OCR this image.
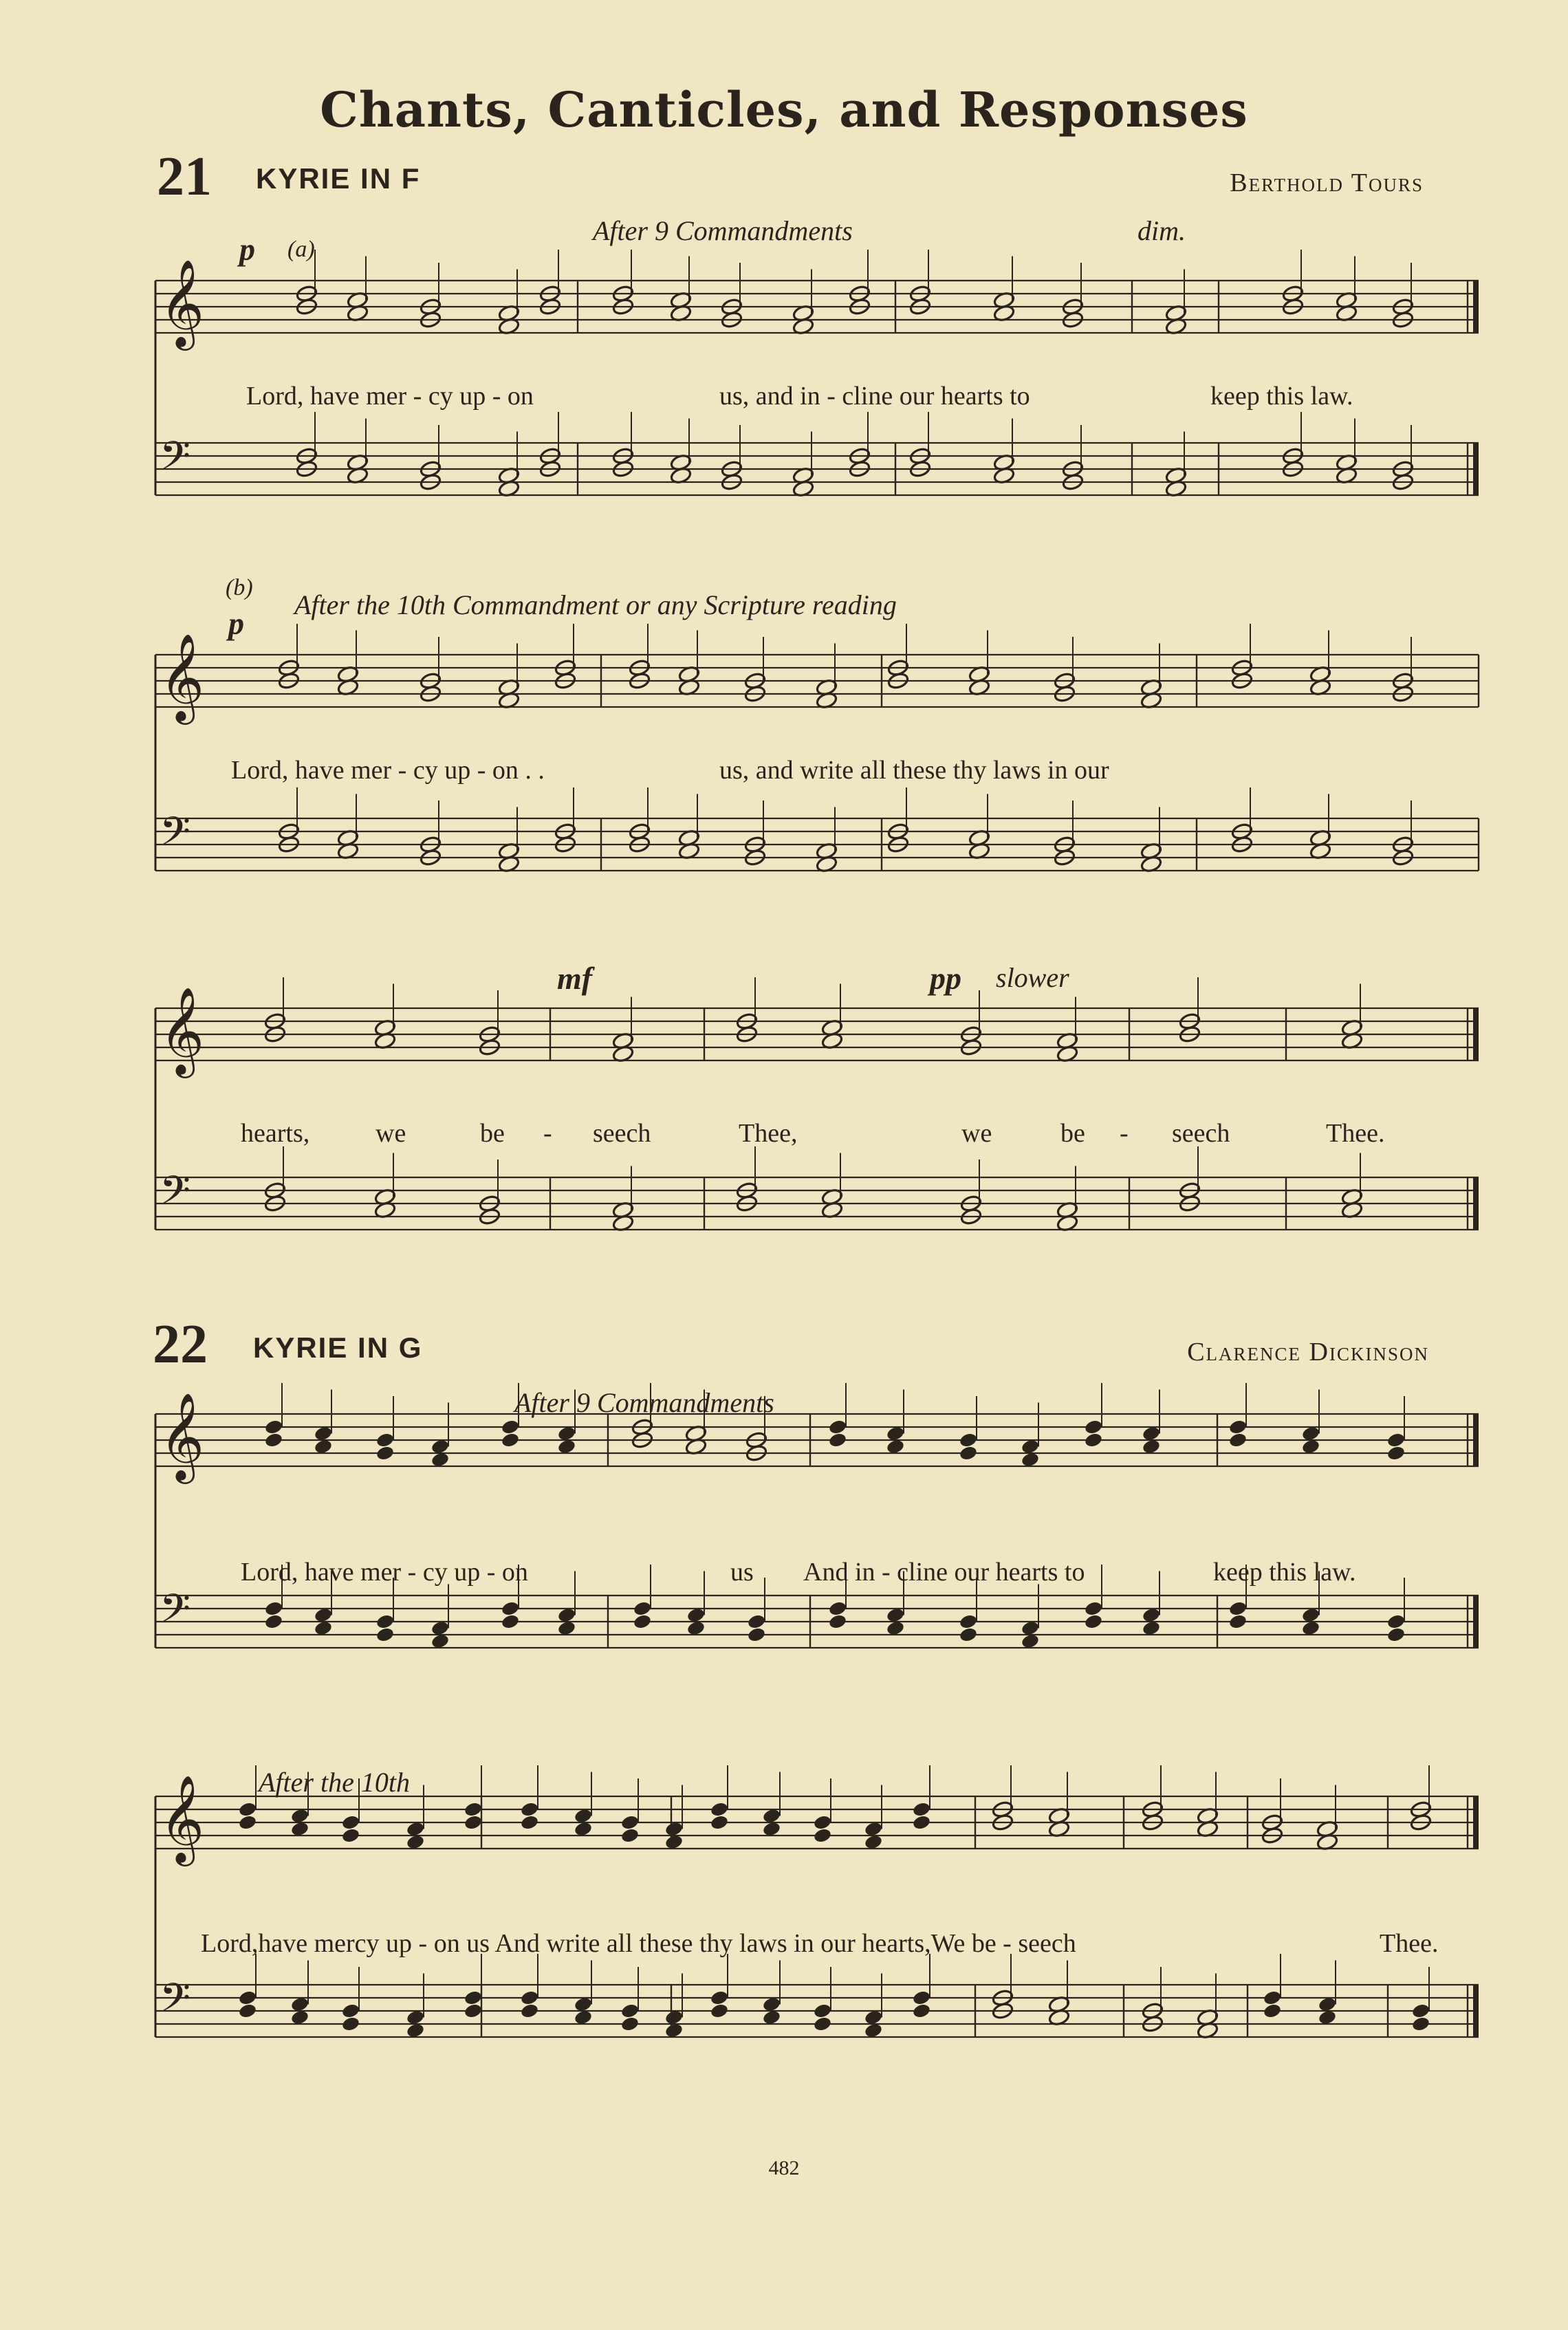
Chants, Canticles, and Responses
21 KYRIE IN F	Berthold Tours
p (a)
After 9 Commandments	dim.
(b)
p
After the 10th Commandment or any Scripture reading
mf	pp slower
Lord, have mer - cy up - on	us, and in - cline our hearts to	keep this law.
Lord, have mer - cy up - on . .	us, and write all these thy laws in our
hearts,	we	be - seech	Thee,	we	be - seech	Thee.
22 KYRIE IN G	Clarence Dickinson
After 9 Commandments
After the 10th
Lord, have mer - cy up - on	us And in - cline our hearts to	keep this law.
Lord,have mercy up - on us And write all these thy laws in our hearts,We be - seech	Thee.
482
𝄞
𝄢
𝄞
𝄢
𝄞
𝄢
𝄞
𝄢
𝄞
𝄢
